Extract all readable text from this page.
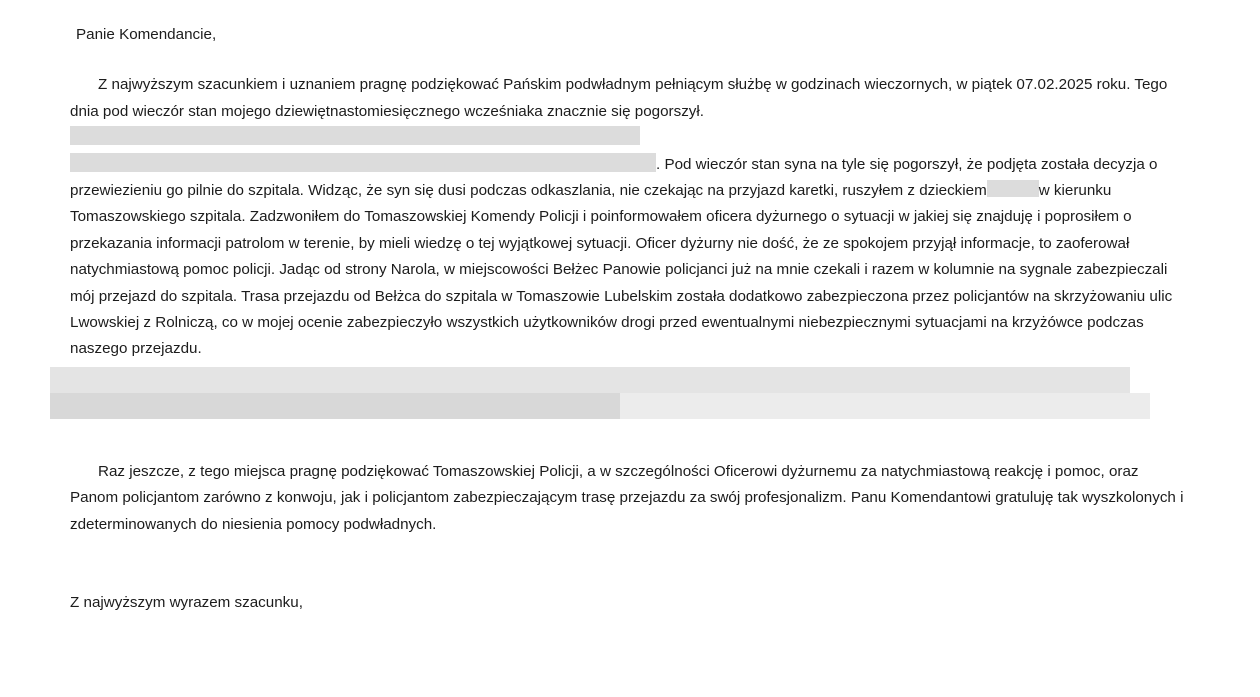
Panie Komendancie,

Z najwyższym szacunkiem i uznaniem pragnę podziękować Pańskim podwładnym pełniącym służbę w godzinach wieczornych, w piątek 07.02.2025 roku. Tego dnia pod wieczór stan mojego dziewiętnastomiesięcznego wcześniaka znacznie się pogorszył.. Pod wieczór stan syna na tyle się pogorszył, że podjęta została decyzja o przewiezieniu go pilnie do szpitala. Widząc, że syn się dusi podczas odkaszlania, nie czekając na przyjazd karetki, ruszyłem z dzieckiem	w kierunku Tomaszowskiego szpitala. Zadzwoniłem do Tomaszowskiej Komendy Policji i poinformowałem oficera dyżurnego o sytuacji w jakiej się znajduję i poprosiłem o przekazania informacji patrolom w terenie, by mieli wiedzę o tej wyjątkowej sytuacji. Oficer dyżurny nie dość, że ze spokojem przyjął informacje, to zaoferował natychmiastową pomoc policji. Jadąc od strony Narola, w miejscowości Bełżec Panowie policjanci już na mnie czekali i razem w kolumnie na sygnale zabezpieczali mój przejazd do szpitala. Trasa przejazdu od Bełżca do szpitala w Tomaszowie Lubelskim została dodatkowo zabezpieczona przez policjantów na skrzyżowaniu ulic Lwowskiej z Rolniczą, co w mojej ocenie zabezpieczyło wszystkich użytkowników drogi przed ewentualnymi niebezpiecznymi sytuacjami na krzyżówce podczas naszego przejazdu.

Raz jeszcze, z tego miejsca pragnę podziękować Tomaszowskiej Policji, a w szczególności Oficerowi dyżurnemu za natychmiastową reakcję i pomoc, oraz Panom policjantom zarówno z konwoju, jak i policjantom zabezpieczającym trasę przejazdu za swój profesjonalizm. Panu Komendantowi gratuluję tak wyszkolonych i zdeterminowanych do niesienia pomocy podwładnych.

Z najwyższym wyrazem szacunku,
